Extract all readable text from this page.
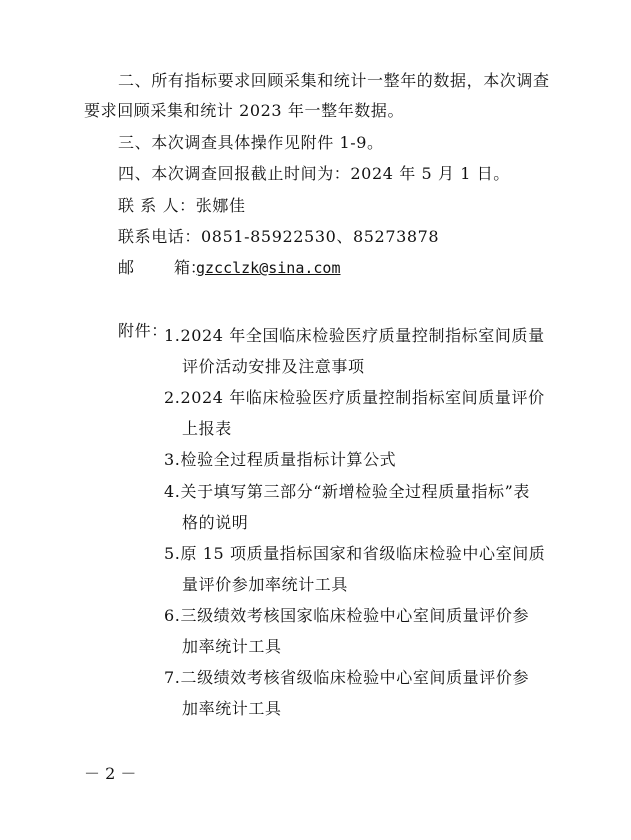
二、所有指标要求回顾采集和统计一整年的数据，本次调查
要求回顾采集和统计 2023 年一整年数据。
三、本次调查具体操作见附件 1-9。
四、本次调查回报截止时间为：2024 年 5 月 1 日。
联 系 人：张娜佳
联系电话：0851-85922530、85273878
邮	箱：gzcclzk@sina.com
附件：
1.2024 年全国临床检验医疗质量控制指标室间质量
评价活动安排及注意事项
2.2024 年临床检验医疗质量控制指标室间质量评价
上报表
3.检验全过程质量指标计算公式
4.关于填写第三部分“新增检验全过程质量指标”表
格的说明
5.原 15 项质量指标国家和省级临床检验中心室间质
量评价参加率统计工具
6.三级绩效考核国家临床检验中心室间质量评价参
加率统计工具
7.二级绩效考核省级临床检验中心室间质量评价参
加率统计工具
－ 2 －
